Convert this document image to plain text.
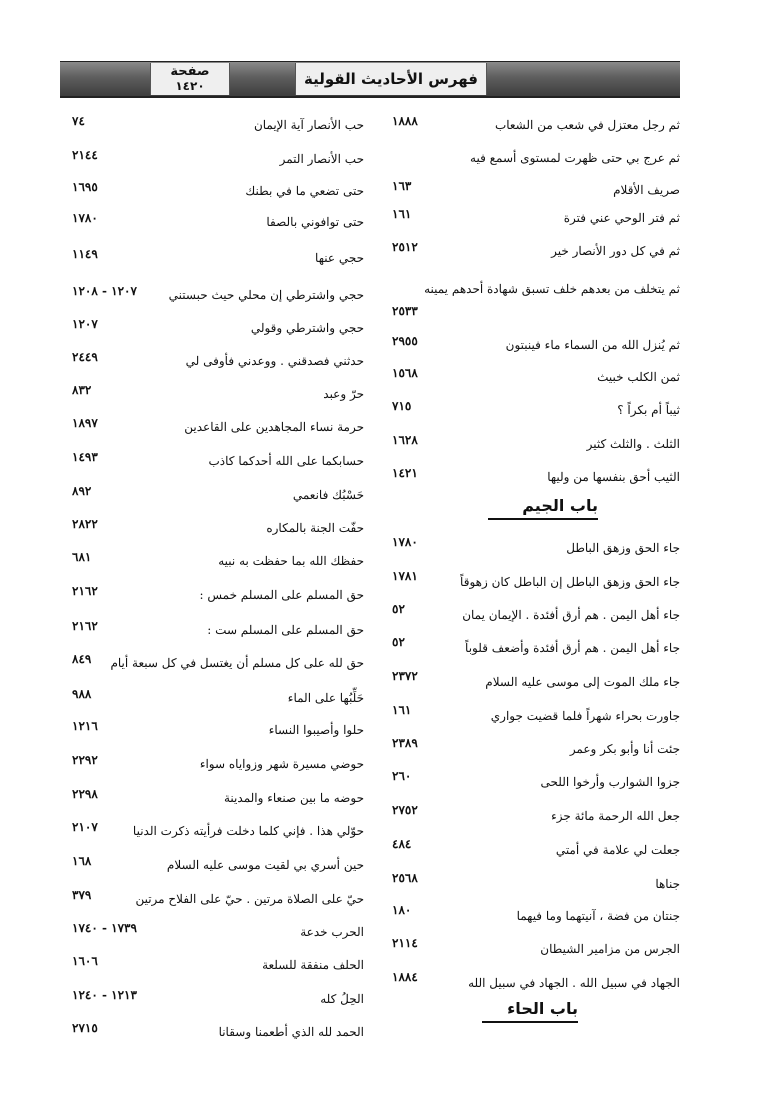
صفحة
١٤٢٠	فهرس الأحاديث القولية
ثم رجل معتزل في شعب من الشعاب
١٨٨٨
ثم عرج بي حتى ظهرت لمستوى أسمع فيه
صريف الأقلام
١٦٣
ثم فتر الوحي عني فترة
١٦١
ثم في كل دور الأنصار خير
٢٥١٢
ثم يتخلف من بعدهم خلف تسبق شهادة أحدهم يمينه
٢٥٣٣
ثم يُنزل الله من السماء ماء فينبتون
٢٩٥٥
ثمن الكلب خبيث
١٥٦٨
ثيباً أم بكراً ؟
٧١٥
الثلث . والثلث كثير
١٦٢٨
الثيب أحق بنفسها من وليها
١٤٢١
جاء الحق وزهق الباطل
١٧٨٠
جاء الحق وزهق الباطل إن الباطل كان زهوقاً
١٧٨١
جاء أهل اليمن . هم أرق أفئدة . الإيمان يمان
٥٢
جاء أهل اليمن . هم أرق أفئدة وأضعف قلوباً
٥٢
جاء ملك الموت إلى موسى عليه السلام
٢٣٧٢
جاورت بحراء شهراً فلما قضيت جواري
١٦١
جئت أنا وأبو بكر وعمر
٢٣٨٩
جزوا الشوارب وأرخوا اللحى
٢٦٠
جعل الله الرحمة مائة جزء
٢٧٥٢
جعلت لي علامة في أمتي
٤٨٤
جناها
٢٥٦٨
جنتان من فضة ، آنيتهما وما فيهما
١٨٠
الجرس من مزامير الشيطان
٢١١٤
الجهاد في سبيل الله . الجهاد في سبيل الله
١٨٨٤
حب الأنصار آية الإيمان
٧٤
حب الأنصار التمر
٢١٤٤
حتى تضعي ما في بطنك
١٦٩٥
حتى توافوني بالصفا
١٧٨٠
حجي عنها
١١٤٩
حجي واشترطي إن محلي حيث حبستني
١٢٠٧ - ١٢٠٨
حجي واشترطي وقولي
١٢٠٧
حدثني فصدقني . ووعدني فأوفى لي
٢٤٤٩
حرّ وعبد
٨٣٢
حرمة نساء المجاهدين على القاعدين
١٨٩٧
حسابكما على الله أحدكما كاذب
١٤٩٣
حَسْبُك فانعمي
٨٩٢
حفّت الجنة بالمكاره
٢٨٢٢
حفظك الله بما حفظت به نبيه
٦٨١
حق المسلم على المسلم خمس :
٢١٦٢
حق المسلم على المسلم ست :
٢١٦٢
حق لله على كل مسلم أن يغتسل في كل سبعة أيام
٨٤٩
حَلِّبُها على الماء
٩٨٨
حلوا وأصيبوا النساء
١٢١٦
حوضي مسيرة شهر وزواياه سواء
٢٢٩٢
حوضه ما بين صنعاء والمدينة
٢٢٩٨
حوّلي هذا . فإني كلما دخلت فرأيته ذكرت الدنيا
٢١٠٧
حين أسري بي لقيت موسى عليه السلام
١٦٨
حيّ على الصلاة مرتين . حيّ على الفلاح مرتين
٣٧٩
الحرب خدعة
١٧٣٩ - ١٧٤٠
الحلف منفقة للسلعة
١٦٠٦
الحِلُ كله
١٢١٣ - ١٢٤٠
الحمد لله الذي أطعمنا وسقانا
٢٧١٥
باب الجيم
باب الحاء
